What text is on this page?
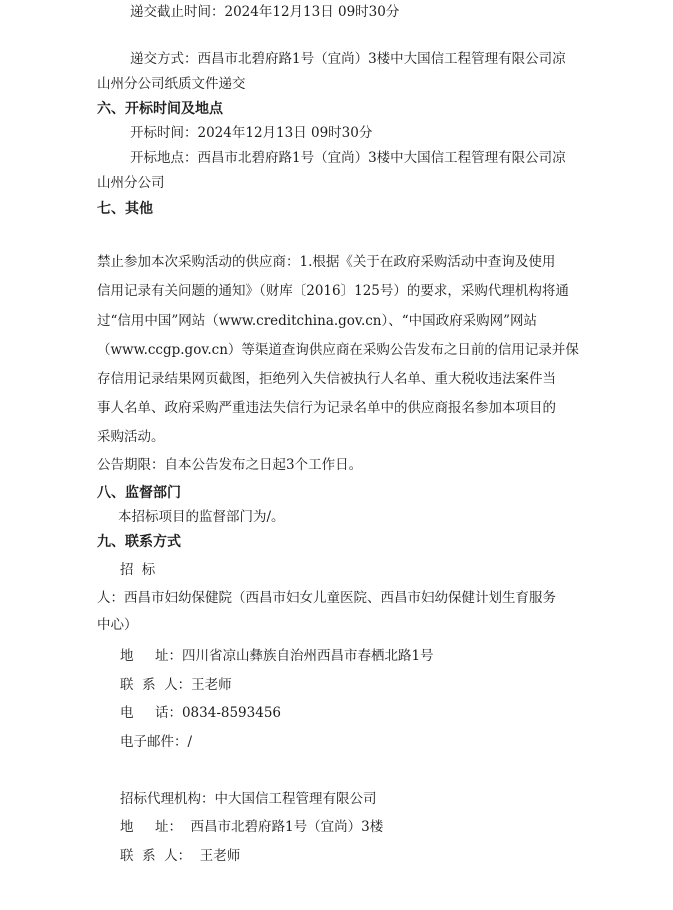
递交截止时间：2024年12月13日 09时30分
递交方式：西昌市北碧府路1号（宜尚）3楼中大国信工程管理有限公司凉
山州分公司纸质文件递交
六、开标时间及地点
开标时间：2024年12月13日 09时30分
开标地点：西昌市北碧府路1号（宜尚）3楼中大国信工程管理有限公司凉
山州分公司
七、其他
禁止参加本次采购活动的供应商：1.根据《关于在政府采购活动中查询及使用
信用记录有关问题的通知》（财库〔2016〕125号）的要求，采购代理机构将通
过“信用中国”网站（www.creditchina.gov.cn）、“中国政府采购网”网站
（www.ccgp.gov.cn）等渠道查询供应商在采购公告发布之日前的信用记录并保
存信用记录结果网页截图，拒绝列入失信被执行人名单、重大税收违法案件当
事人名单、政府采购严重违法失信行为记录名单中的供应商报名参加本项目的
采购活动。
公告期限：自本公告发布之日起3个工作日。
八、监督部门
本招标项目的监督部门为/。
九、联系方式
招 标
人：西昌市妇幼保健院（西昌市妇女儿童医院、西昌市妇幼保健计划生育服务
中心）
地     址：四川省凉山彝族自治州西昌市春栖北路1号
联  系  人：王老师
电     话：0834-8593456
电子邮件：/
招标代理机构：中大国信工程管理有限公司
地     址：  西昌市北碧府路1号（宜尚）3楼
联  系  人：  王老师
